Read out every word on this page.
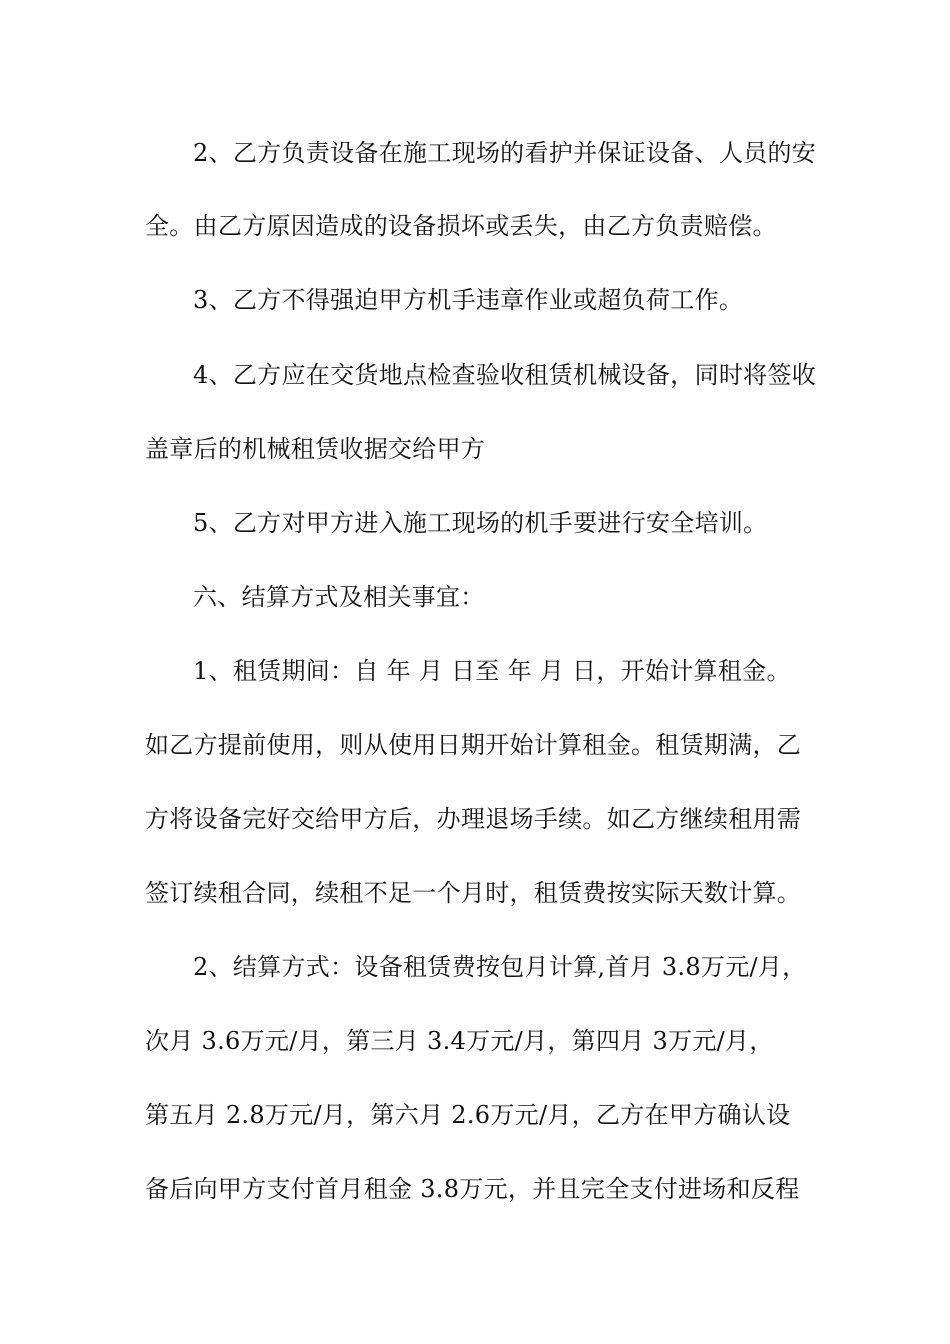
2、乙方负责设备在施工现场的看护并保证设备、人员的安
全。由乙方原因造成的设备损坏或丢失，由乙方负责赔偿。
3、乙方不得强迫甲方机手违章作业或超负荷工作。
4、乙方应在交货地点检查验收租赁机械设备，同时将签收
盖章后的机械租赁收据交给甲方
5、乙方对甲方进入施工现场的机手要进行安全培训。
六、结算方式及相关事宜：
1、租赁期间：自 年 月 日至 年 月 日，开始计算租金。
如乙方提前使用，则从使用日期开始计算租金。租赁期满，乙
方将设备完好交给甲方后，办理退场手续。如乙方继续租用需
签订续租合同，续租不足一个月时，租赁费按实际天数计算。
2、结算方式：设备租赁费按包月计算,首月 3.8万元/月，
次月 3.6万元/月，第三月 3.4万元/月，第四月 3万元/月，
第五月 2.8万元/月，第六月 2.6万元/月，乙方在甲方确认设
备后向甲方支付首月租金 3.8万元，并且完全支付进场和反程
